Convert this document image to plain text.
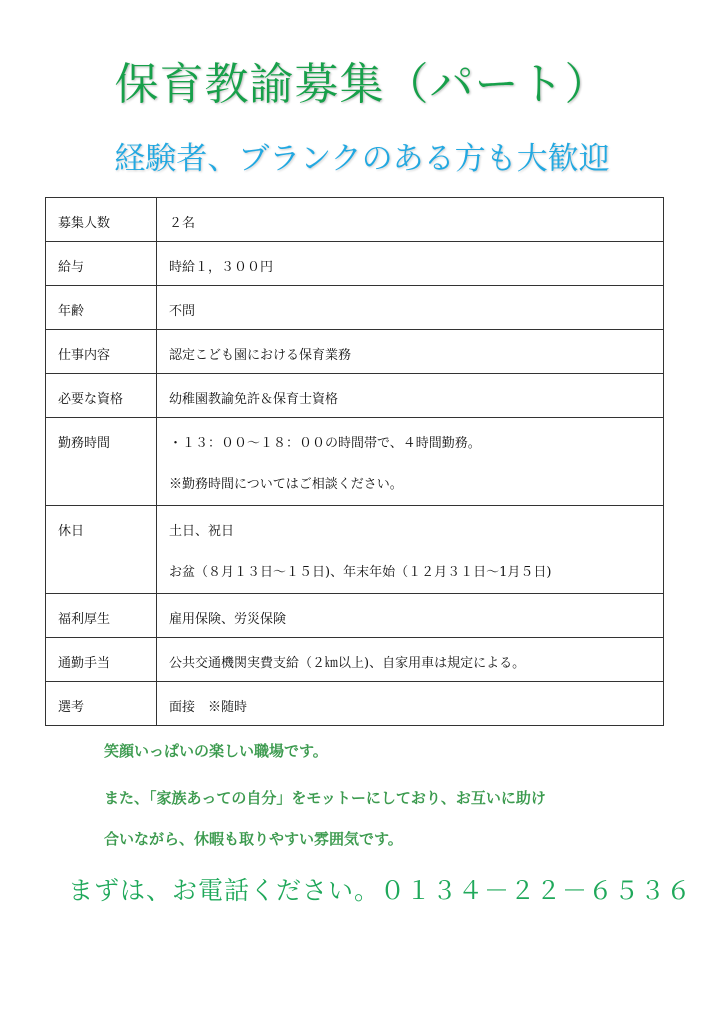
保育教諭募集（パート）
経験者、ブランクのある方も大歓迎
募集人数	２名
給与	時給１，３００円
年齢	不問
仕事内容	認定こども園における保育業務
必要な資格	幼稚園教諭免許＆保育士資格
勤務時間	・１３：００～１８：００の時間帯で、４時間勤務。
※勤務時間についてはご相談ください。

休日	土日、祝日
お盆（８月１３日～１５日)、年末年始（１２月３１日～1月５日)

福利厚生	雇用保険、労災保険
通勤手当	公共交通機関実費支給（２㎞以上)、自家用車は規定による。
選考	面接　※随時
笑顔いっぱいの楽しい職場です。
また、「家族あっての自分」をモットーにしており、お互いに助け
合いながら、休暇も取りやすい雰囲気です。
まずは、お電話ください。０１３４－２２－６５３６
